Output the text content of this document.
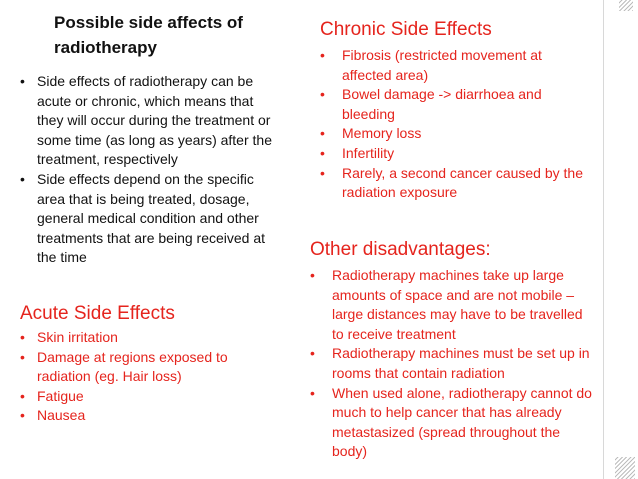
Possible side affects of radiotherapy
• Side effects of radiotherapy can be acute or chronic, which means that they will occur during the treatment or some time (as long as years) after the treatment, respectively
• Side effects depend on the specific area that is being treated, dosage, general medical condition and other treatments that are being received at the time
Acute Side Effects
• Skin irritation
• Damage at regions exposed to radiation (eg. Hair loss)
• Fatigue
• Nausea
Chronic Side Effects
• Fibrosis (restricted movement at affected area)
• Bowel damage -> diarrhoea and bleeding
• Memory loss
• Infertility
• Rarely, a second cancer caused by the radiation exposure
Other disadvantages:
• Radiotherapy machines take up large amounts of space and are not mobile – large distances may have to be travelled to receive treatment
• Radiotherapy machines must be set up in rooms that contain radiation
• When used alone, radiotherapy cannot do much to help cancer that has already metastasized (spread throughout the body)
